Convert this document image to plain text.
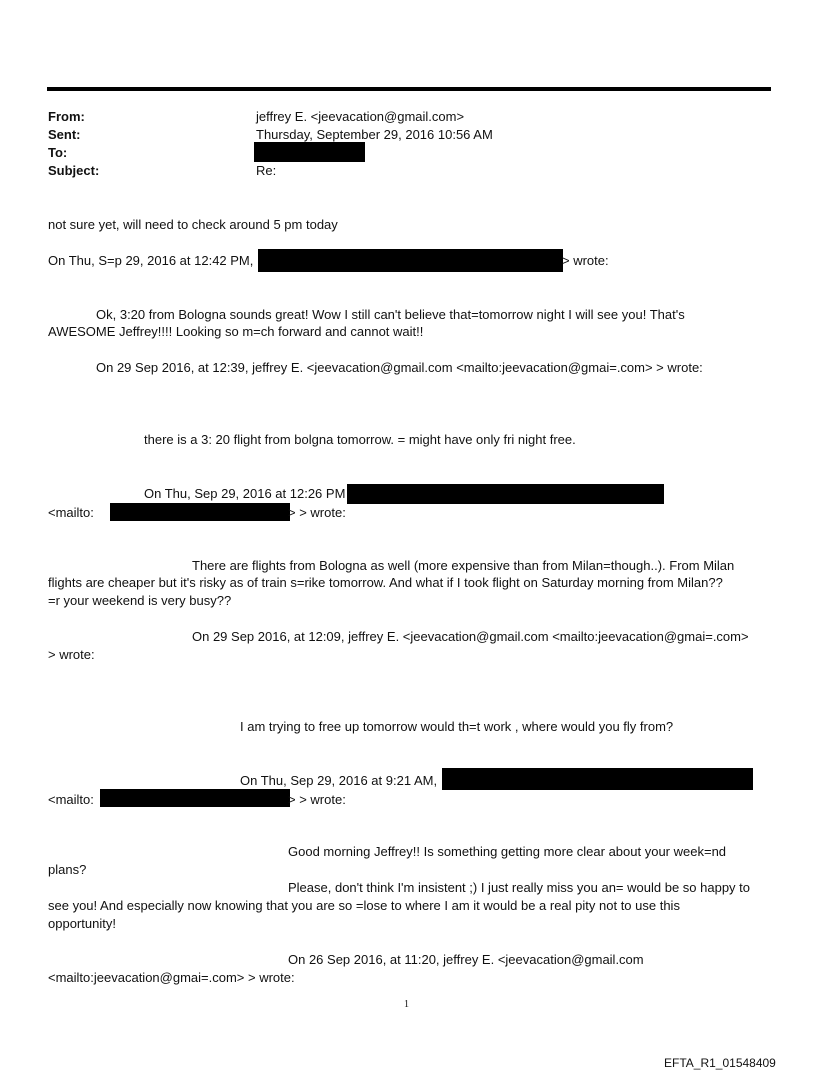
From:	jeffrey E. <jeevacation@gmail.com>
Sent:	Thursday, September 29, 2016 10:56 AM
To:
Subject:	Re:
not sure yet, will need to check around 5 pm today
On Thu, S=p 29, 2016 at 12:42 PM,	> wrote:
Ok, 3:20 from Bologna sounds great! Wow I still can't believe that=tomorrow night I will see you! That's
AWESOME Jeffrey!!!! Looking so m=ch forward and cannot wait!!
On 29 Sep 2016, at 12:39, jeffrey E. <jeevacation@gmail.com <mailto:jeevacation@gmai=.com> > wrote:
there is a 3: 20 flight from bolgna tomorrow. = might have only fri night free.
On Thu, Sep 29, 2016 at 12:26 PM
<mailto:	> > wrote:
There are flights from Bologna as well (more expensive than from Milan=though..). From Milan
flights are cheaper but it's risky as of train s=rike tomorrow. And what if I took flight on Saturday morning from Milan??
=r your weekend is very busy??
On 29 Sep 2016, at 12:09, jeffrey E. <jeevacation@gmail.com <mailto:jeevacation@gmai=.com>
> wrote:
I am trying to free up tomorrow would th=t work , where would you fly from?
On Thu, Sep 29, 2016 at 9:21 AM,
<mailto:	> > wrote:
Good morning Jeffrey!! Is something getting more clear about your week=nd
plans?
Please, don't think I'm insistent ;) I just really miss you an= would be so happy to
see you! And especially now knowing that you are so =lose to where I am it would be a real pity not to use this
opportunity!
On 26 Sep 2016, at 11:20, jeffrey E. <jeevacation@gmail.com
<mailto:jeevacation@gmai=.com> > wrote:
1
EFTA_R1_01548409
